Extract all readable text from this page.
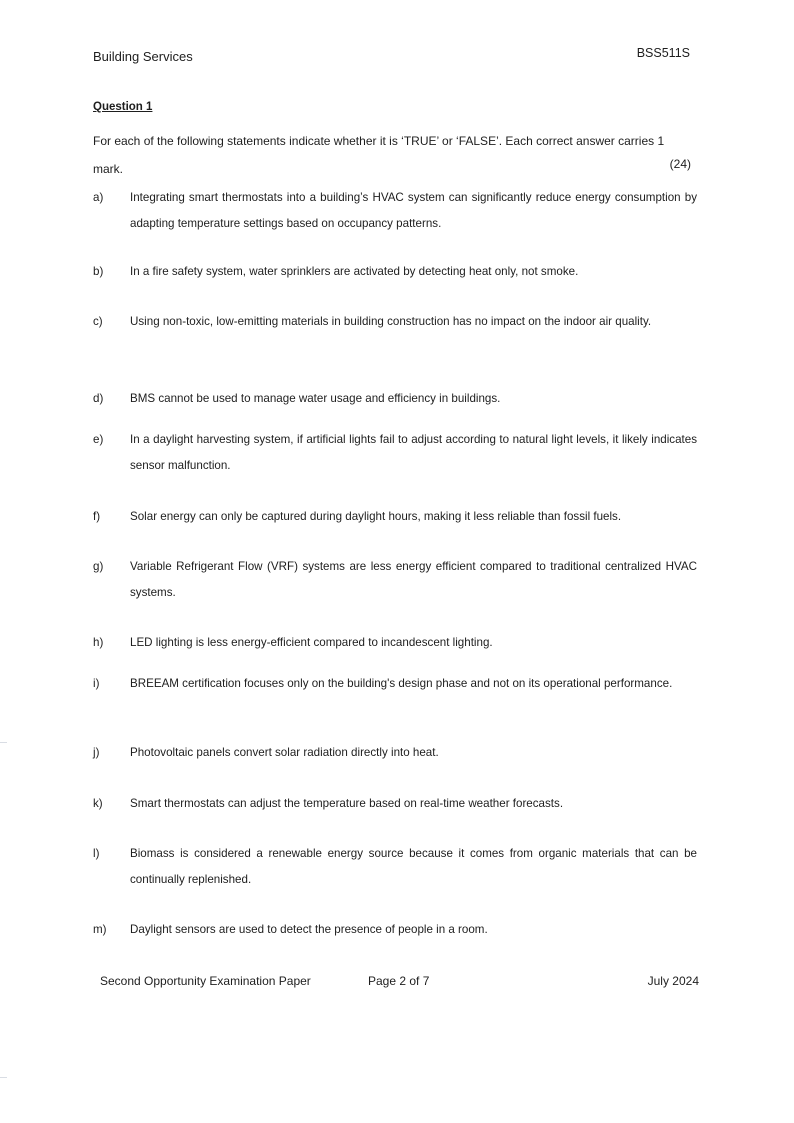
Building Services	BSS511S
Question 1
For each of the following statements indicate whether it is ‘TRUE’ or ‘FALSE’. Each correct answer carries 1 mark.	(24)
a) Integrating smart thermostats into a building’s HVAC system can significantly reduce energy consumption by adapting temperature settings based on occupancy patterns.
b) In a fire safety system, water sprinklers are activated by detecting heat only, not smoke.
c) Using non-toxic, low-emitting materials in building construction has no impact on the indoor air quality.
d) BMS cannot be used to manage water usage and efficiency in buildings.
e) In a daylight harvesting system, if artificial lights fail to adjust according to natural light levels, it likely indicates sensor malfunction.
f)	Solar energy can only be captured during daylight hours, making it less reliable than fossil fuels.
g) Variable Refrigerant Flow (VRF) systems are less energy efficient compared to traditional centralized HVAC systems.
h) LED lighting is less energy-efficient compared to incandescent lighting.
i)	BREEAM certification focuses only on the building's design phase and not on its operational performance.
j)	Photovoltaic panels convert solar radiation directly into heat.
k) Smart thermostats can adjust the temperature based on real-time weather forecasts.
l)	Biomass is considered a renewable energy source because it comes from organic materials that can be continually replenished.
m) Daylight sensors are used to detect the presence of people in a room.
Second Opportunity Examination Paper	Page 2 of 7	July 2024
